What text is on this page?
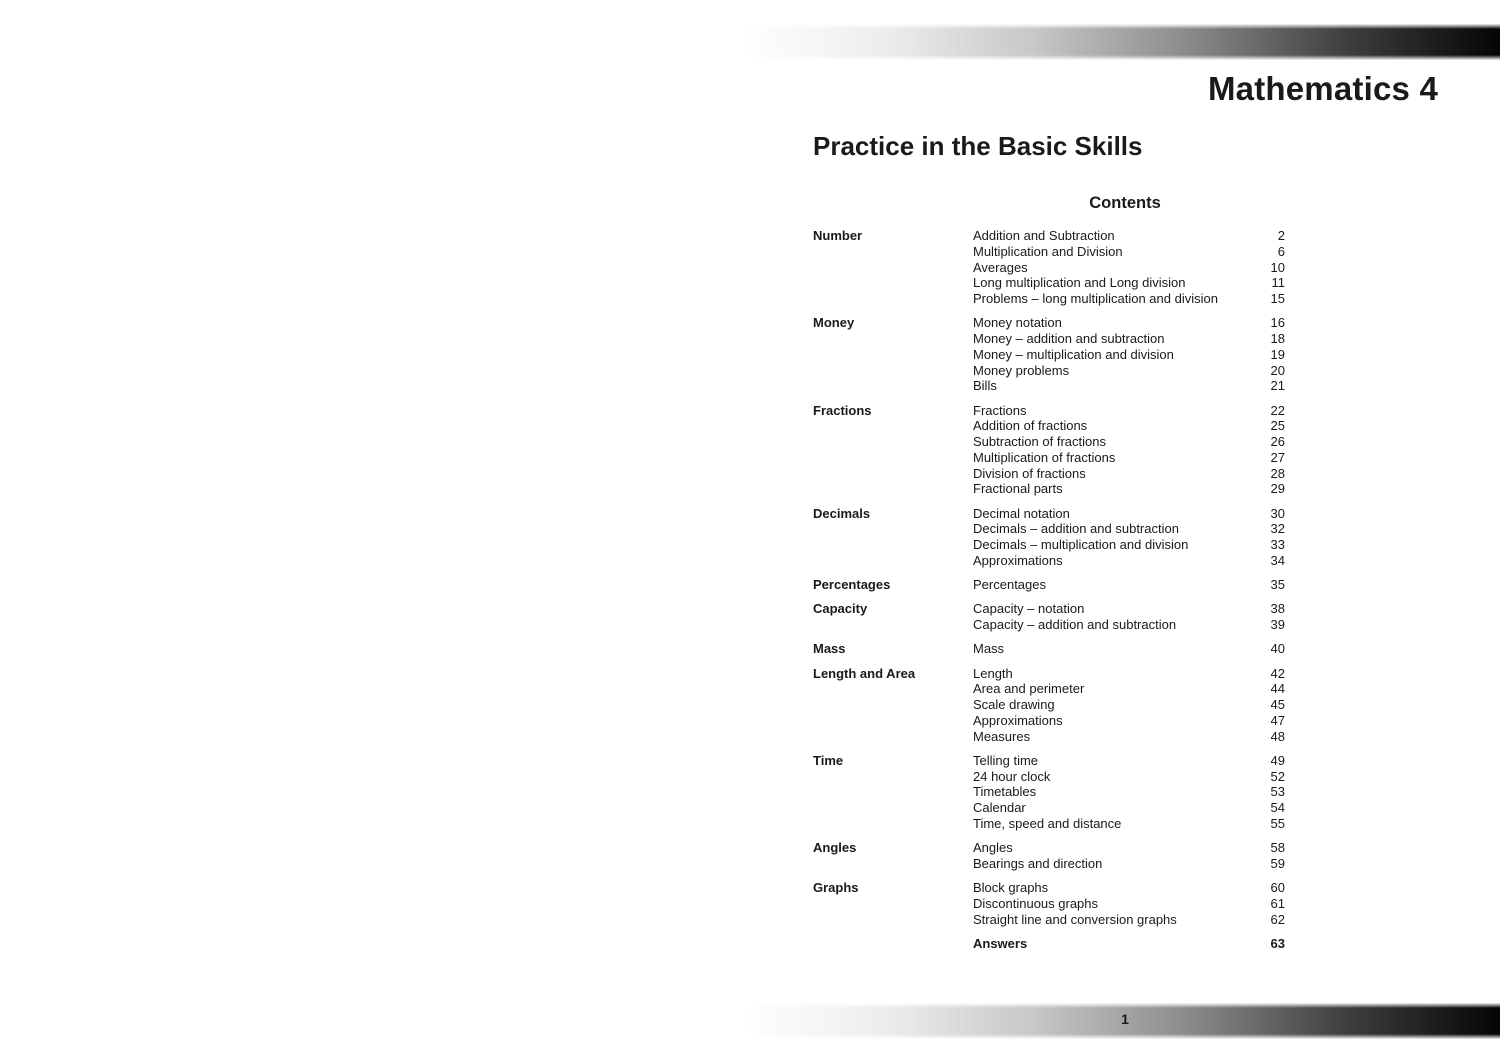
Mathematics 4
Practice in the Basic Skills
Contents
Number	Addition and Subtraction	2
Multiplication and Division	6
Averages	10
Long multiplication and Long division	11
Problems – long multiplication and division	15
Money	Money notation	16
Money – addition and subtraction	18
Money – multiplication and division	19
Money problems	20
Bills	21
Fractions	Fractions	22
Addition of fractions	25
Subtraction of fractions	26
Multiplication of fractions	27
Division of fractions	28
Fractional parts	29
Decimals	Decimal notation	30
Decimals – addition and subtraction	32
Decimals – multiplication and division	33
Approximations	34
Percentages	Percentages	35
Capacity	Capacity – notation	38
Capacity – addition and subtraction	39
Mass	Mass	40
Length and Area	Length	42
Area and perimeter	44
Scale drawing	45
Approximations	47
Measures	48
Time	Telling time	49
24 hour clock	52
Timetables	53
Calendar	54
Time, speed and distance	55
Angles	Angles	58
Bearings and direction	59
Graphs	Block graphs	60
Discontinuous graphs	61
Straight line and conversion graphs	62
Answers	63
1
